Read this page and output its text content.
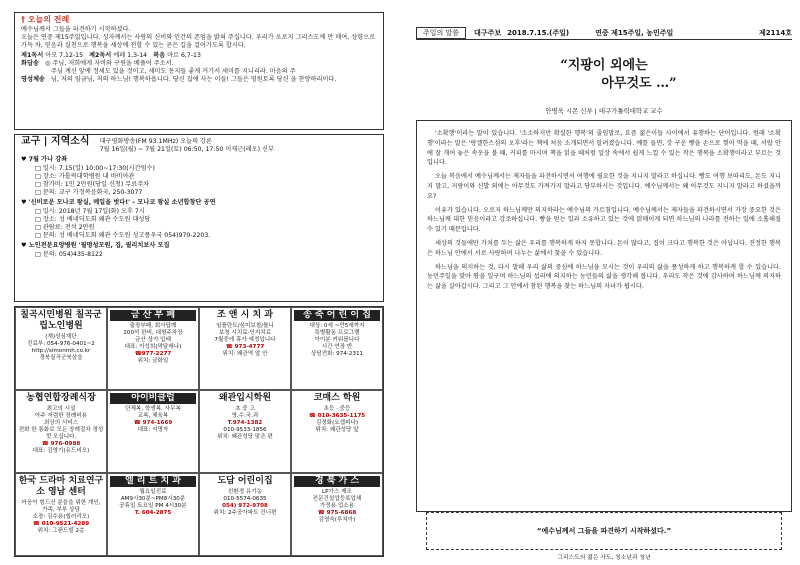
† 오늘의 전례
예수님께서 그들을 파견하기 시작하셨다.
오늘은 연중 제15주일입니다. 성자께서는 사랑의 신비와 인간의 존엄을 밝혀 주십니다. 우리가 오로지 그리스도께 만 매여, 성령으로 가득 차, 믿음과 실천으로 행복을 세상에 전할 수 있는 곧은 길을 걸어가도록 합시다.
제1독서 아모 7,12-15 제2독서 에페 1,3-14 복음 마르 6,7-13
화답송 ◎ 주님, 저희에게 자비와 구원을 베풀어 주소서.
주님 계신 앞에 정세도 있을 것이고, 세미도 동지들 좋게 거기서 세미를 지니리라. 마음의 주
영성체송 님, 저의 임금님, 저의 하느님! 행복하옵니다. 당신 집에 사는 이들! 그들은 영원토록 당신 을 찬양하리이다.
교구 | 지역소식 대구평화방송(FM 93.1MHz) 오늘의 강론
7월 16일(월) ~ 7월 21일(토) 06:50, 17:50 이재근(레오) 신부
♥ 7월 가나 강좌
□ 일시: 7.15(일) 10:00~17:30(시간엄수)
□ 장소: 가톨릭대학병원 내 바비아관
□ 참가비: 1인 2만원(당일 신청) 무료주차
□ 문의: 교구 가정복음화국, 250-3077
♥ '신비로운 모나코 왕실, 메일을 벗다!' – 모나코 왕실 소년합창단 공연
□ 일시: 2018년 7월 17일(화) 오후 7시
□ 장소: 성 베네딕도회 왜관 수도원 대성당
□ 관람료: 전석 2만원
□ 문의: 성 베네딕도회 왜관 수도원 성고풍우국 054)970-2203.
♥ 노인전문요양병원 '필명성모원, 집, 필리치보사 모집
□ 문의: 054)435-8122
칠곡시민병원 칠곡군립노인병원
(재)성심재단
진료부: 054-976-0401~2
http://simonmh.co.kr
경북칠곡군북삼읍
금 산 부 페
출장부페, 회사답례
200석 완비, 대형주차장
금산 상가 입태
대표: 이성희(막달레나)
☎977-2277
위치: 금화일
조 앤 시 치 과
임플란트/심미보철/틀니
보청 시치료·인지치료
7월중에 휴가 예정입니다
☎ 973-4777
위치: 왜관역 앞 안
송 죽 어 린 이 집
대상: 0세 ~만5세까지
특별활동 프로그램
아이분 키워봅니다
시간 연장 반
상담전화: 974-2311
농협연합장례식장
최고의 시설
아주 저렴한 장례비용
최상의 서비스
전화 한 통화로 모든 장례절차 정성껏 모십니다.
☎ 976-0988
대표: 김영기(유드비오)
아이비클럽
단체복, 학생복, 사무복
교복, 체육복
☎ 974-1669
대표: 석명자
왜관입시학원
초 중 고
영.수.국.과
T.974-1382
010-9533-1856
위치: 왜관성당 맞은 편
코매스 학원
초등 · 중등
☎ 010-3635-1175
김정화(요셉피나)
위치: 왜관성당 앞
한국 드라마 치료연구소 영남 센터
마음이 힘드신 분들을 위한 개인, 가족, 부부 상담
소장: 김수용(힐러리오)
☎ 010-9521-4289
위치: 그랜드빌 2층
엘 리 트 치 과
월요일진료
AM9시30분~PM8시30분
공휴일 토요일 PM 4시30분
T. 604-2875
도담 어린이집
친환경 유기농
010-5574-0635
054) 972-9708
위치: 2주공아파트 건너편
경 북 가 스
LP가스 제조
전문건설업등록업체
가정용·업소용
☎ 975-6868
김영숙(루치아)
주일의 말씀	대구주보 2018.7.15.(주일)	연중 제15주일, 농민주일	제2114호
“지팡이 외에는
아무것도 …”
안병욱 시몬 신부 | 대구가톨릭대학교 교수

'소확행'이라는 말이 있습니다. '소소하지만 확실한 행복'의 줄임말로, 요즘 젊은이들 사이에서 유행하는 단어입니다. 원래 '소확행'이라는 말은 '랑겔한스섬의 오후'라는 책에 처음 소개되면서 알려졌습니다. 예를 들면, 갓 구운 빵을 손으로 찢어 먹을 때, 서랍 안에 잘 개어 놓은 속옷을 볼 때, 커피를 마시며 책을 읽을 때처럼 일상 속에서 쉽게 느낄 수 있는 작은 행복을 소확행이라고 부르는 것입니다.

오늘 복음에서 예수님께서는 제자들을 파견하시면서 여행에 필요한 것을 지니지 말라고 하십니다. 빵도 여행 보따리도, 돈도 지니지 말고, 지팡이와 신발 외에는 아무것도 가져가지 말라고 당부하시는 것입니다. 예수님께서는 왜 아무것도 지니지 말라고 하셨을까요?

이유가 있습니다. 오로지 하느님께만 의지하라는 예수님의 가르침입니다. 예수님께서는 제자들을 파견하시면서 가장 중요한 것은 하느님께 대한 믿음이라고 강조하십니다. 빵을 얻는 일과 소유하고 있는 것에 얽매이게 되면 하느님의 나라를 전하는 일에 소홀해질 수 있기 때문입니다.

세상의 것들에만 가치를 두는 삶은 우리를 행복하게 하지 못합니다. 돈이 많다고, 집이 크다고 행복한 것은 아닙니다. 진정한 행복은 하느님 안에서 서로 사랑하며 나누는 삶에서 찾을 수 있습니다.

하느님을 의지하는 것, 다시 말해 우리 삶의 중심에 하느님을 모시는 것이 우리의 삶을 풍성하게 하고 행복하게 할 수 있습니다. 농민주일을 맞아 땅을 일구며 하느님의 섭리에 의지하는 농민들의 삶을 생각해 봅니다. 우리도 작은 것에 감사하며 하느님께 의지하는 삶을 살아갑시다. 그리고 그 안에서 참된 행복을 찾는 하느님의 자녀가 됩시다.

“예수님께서 그들을 파견하기 시작하셨다.”
그리스도의 젊은 사도, 청소년과 청년
